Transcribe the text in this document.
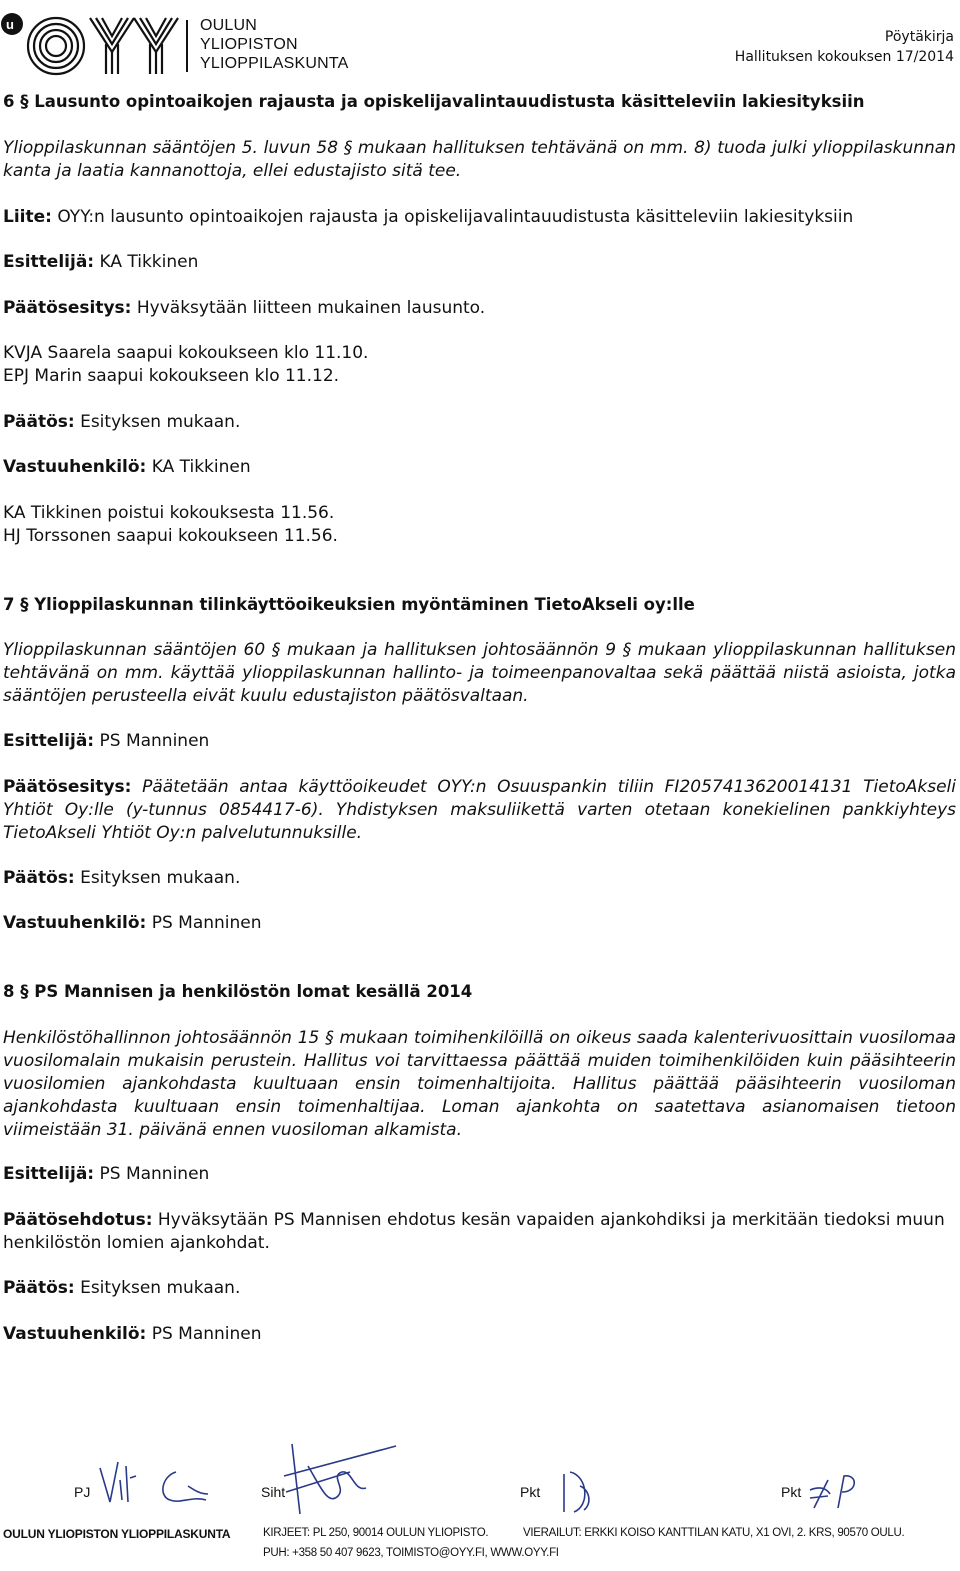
u	OULUN
YLIOPISTON
YLIOPPILASKUNTA
Pöytäkirja
Hallituksen kokouksen 17/2014
6 § Lausunto opintoaikojen rajausta ja opiskelijavalintauudistusta käsitteleviin lakiesityksiin
Ylioppilaskunnan sääntöjen 5. luvun 58 § mukaan hallituksen tehtävänä on mm. 8) tuoda julki ylioppilaskunnan kanta ja laatia kannanottoja, ellei edustajisto sitä tee.
Liite: OYY:n lausunto opintoaikojen rajausta ja opiskelijavalintauudistusta käsitteleviin lakiesityksiin
Esittelijä: KA Tikkinen
Päätösesitys: Hyväksytään liitteen mukainen lausunto.
KVJA Saarela saapui kokoukseen klo 11.10.
EPJ Marin saapui kokoukseen klo 11.12.
Päätös: Esityksen mukaan.
Vastuuhenkilö: KA Tikkinen
KA Tikkinen poistui kokouksesta 11.56.
HJ Torssonen saapui kokoukseen 11.56.
7 § Ylioppilaskunnan tilinkäyttöoikeuksien myöntäminen TietoAkseli oy:lle
Ylioppilaskunnan sääntöjen 60 § mukaan ja hallituksen johtosäännön 9 § mukaan ylioppilaskunnan hallituksen tehtävänä on mm. käyttää ylioppilaskunnan hallinto- ja toimeenpanovaltaa sekä päättää niistä asioista, jotka sääntöjen perusteella eivät kuulu edustajiston päätösvaltaan.
Esittelijä: PS Manninen
Päätösesitys: Päätetään antaa käyttöoikeudet OYY:n Osuuspankin tiliin FI2057413620014131 TietoAkseli Yhtiöt Oy:lle (y-tunnus 0854417-6). Yhdistyksen maksuliikettä varten otetaan konekielinen pankkiyhteys TietoAkseli Yhtiöt Oy:n palvelutunnuksille.
Päätös: Esityksen mukaan.
Vastuuhenkilö: PS Manninen
8 § PS Mannisen ja henkilöstön lomat kesällä 2014
Henkilöstöhallinnon johtosäännön 15 § mukaan toimihenkilöillä on oikeus saada kalenterivuosittain vuosilomaa vuosilomalain mukaisin perustein. Hallitus voi tarvittaessa päättää muiden toimihenkilöiden kuin pääsihteerin vuosilomien ajankohdasta kuultuaan ensin toimenhaltijoita. Hallitus päättää pääsihteerin vuosiloman ajankohdasta kuultuaan ensin toimenhaltijaa. Loman ajankohta on saatettava asianomaisen tietoon viimeistään 31. päivänä ennen vuosiloman alkamista.
Esittelijä: PS Manninen
Päätösehdotus: Hyväksytään PS Mannisen ehdotus kesän vapaiden ajankohdiksi ja merkitään tiedoksi muun henkilöstön lomien ajankohdat.
Päätös: Esityksen mukaan.
Vastuuhenkilö: PS Manninen
PJ	Siht	Pkt	Pkt
OULUN YLIOPISTON YLIOPPILASKUNTA	KIRJEET: PL 250, 90014 OULUN YLIOPISTO.	VIERAILUT: ERKKI KOISO KANTTILAN KATU, X1 OVI, 2. KRS, 90570 OULU.
PUH: +358 50 407 9623, TOIMISTO@OYY.FI, WWW.OYY.FI
